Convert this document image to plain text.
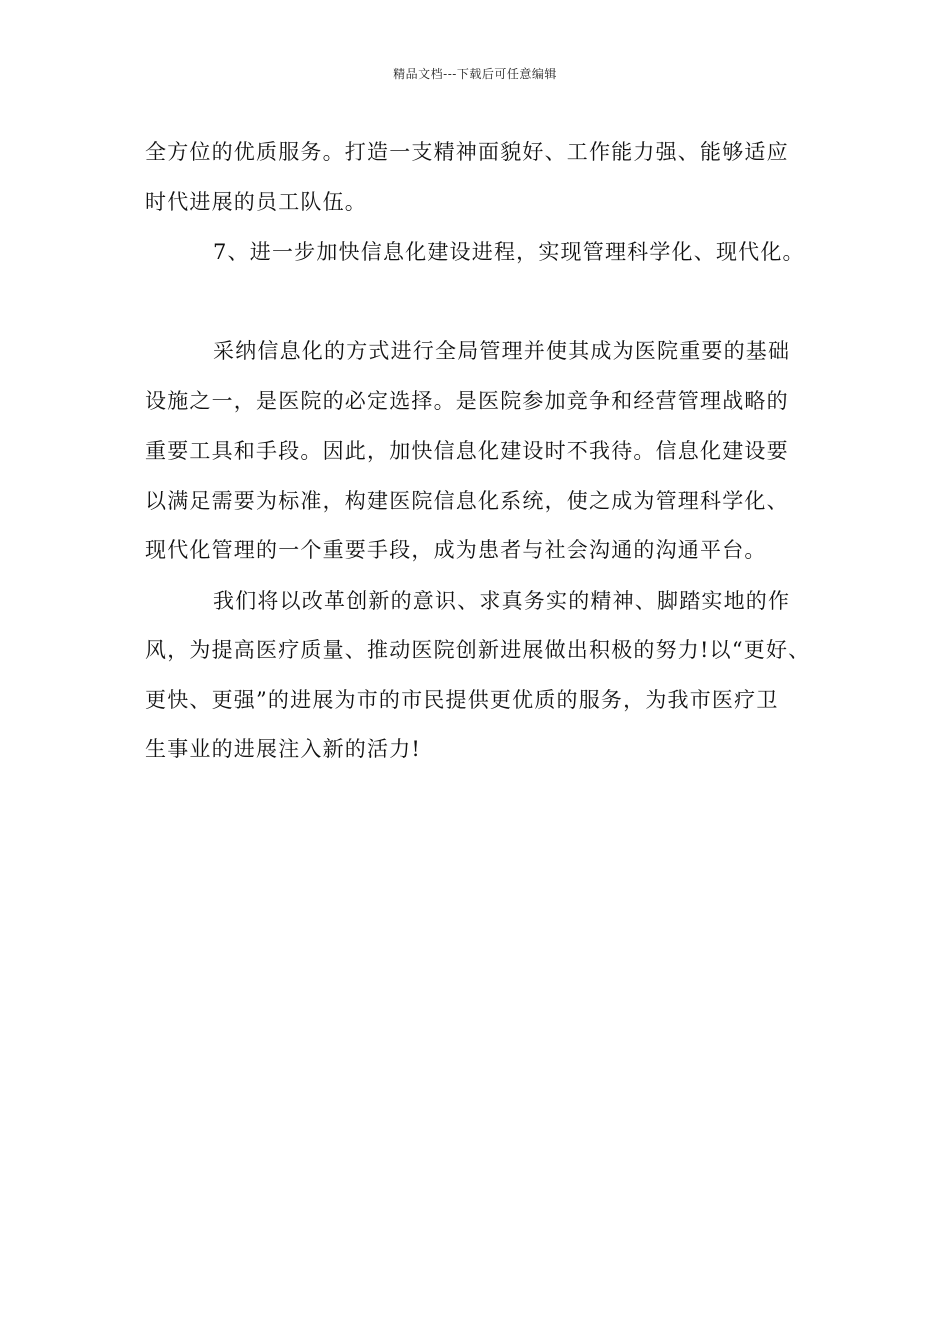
精品文档---下载后可任意编辑
全方位的优质服务。打造一支精神面貌好、工作能力强、能够适应
时代进展的员工队伍。
7、进一步加快信息化建设进程，实现管理科学化、现代化。
采纳信息化的方式进行全局管理并使其成为医院重要的基础
设施之一，是医院的必定选择。是医院参加竞争和经营管理战略的
重要工具和手段。因此，加快信息化建设时不我待。信息化建设要
以满足需要为标准，构建医院信息化系统，使之成为管理科学化、
现代化管理的一个重要手段，成为患者与社会沟通的沟通平台。
我们将以改革创新的意识、求真务实的精神、脚踏实地的作
风，为提高医疗质量、推动医院创新进展做出积极的努力!以“更好、
更快、更强”的进展为市的市民提供更优质的服务，为我市医疗卫
生事业的进展注入新的活力!
